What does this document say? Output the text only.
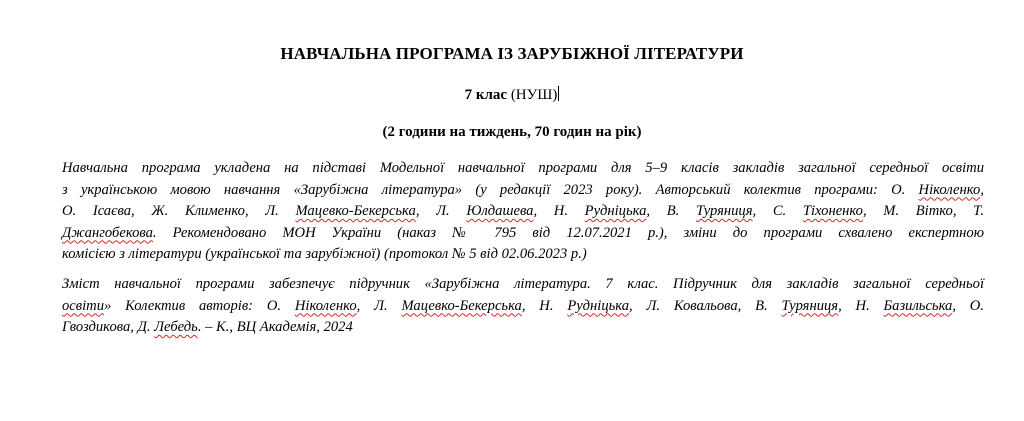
НАВЧАЛЬНА ПРОГРАМА ІЗ ЗАРУБІЖНОЇ ЛІТЕРАТУРИ
7 клас (НУШ)
(2 години на тиждень, 70 годин на рік)
Навчальна програма укладена на підставі Модельної навчальної програми для 5–9 класів закладів загальної середньої освіти
з українською мовою навчання «Зарубіжна література» (у редакції 2023 року). Авторський колектив програми: О. Ніколенко,
О. Ісаєва, Ж. Клименко, Л. Мацевко-Бекерська, Л. Юлдашева, Н. Рудніцька, В. Туряниця, С. Тіхоненко, М. Вітко, Т.
Джангобекова. Рекомендовано МОН України (наказ № 795 від 12.07.2021 р.), зміни до програми схвалено експертною
комісією з літератури (української та зарубіжної) (протокол № 5 від 02.06.2023 р.)
Зміст навчальної програми забезпечує підручник «Зарубіжна література. 7 клас. Підручник для закладів загальної середньої
освіти» Колектив авторів: О. Ніколенко, Л. Мацевко-Бекерська, Н. Рудніцька, Л. Ковальова, В. Туряниця, Н. Базильська, О.
Гвоздикова, Д. Лебедь. – К., ВЦ Академія, 2024
